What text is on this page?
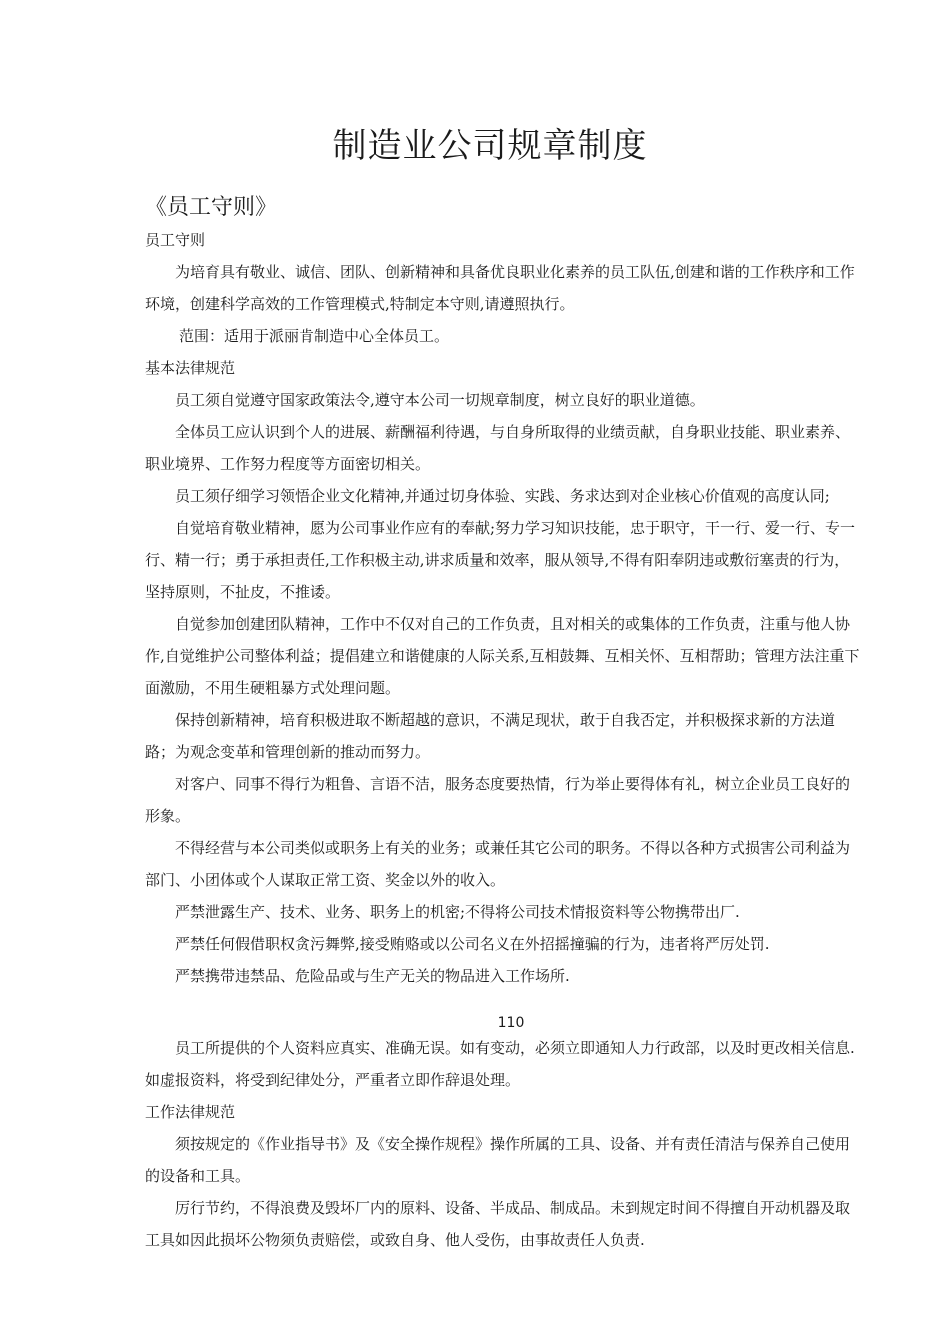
制造业公司规章制度

《员工守则》

员工守则

为培育具有敬业、诚信、团队、创新精神和具备优良职业化素养的员工队伍,创建和谐的工作秩序和工作环境，创建科学高效的工作管理模式,特制定本守则,请遵照执行。

范围：适用于派丽肯制造中心全体员工。

基本法律规范

员工须自觉遵守国家政策法令,遵守本公司一切规章制度，树立良好的职业道德。

全体员工应认识到个人的进展、薪酬福利待遇，与自身所取得的业绩贡献，自身职业技能、职业素养、职业境界、工作努力程度等方面密切相关。

员工须仔细学习领悟企业文化精神,并通过切身体验、实践、务求达到对企业核心价值观的高度认同;

自觉培育敬业精神，愿为公司事业作应有的奉献;努力学习知识技能，忠于职守，干一行、爱一行、专一行、精一行；勇于承担责任,工作积极主动,讲求质量和效率，服从领导,不得有阳奉阴违或敷衍塞责的行为，坚持原则，不扯皮，不推诿。

自觉参加创建团队精神，工作中不仅对自己的工作负责，且对相关的或集体的工作负责，注重与他人协作,自觉维护公司整体利益；提倡建立和谐健康的人际关系,互相鼓舞、互相关怀、互相帮助；管理方法注重下面激励，不用生硬粗暴方式处理问题。

保持创新精神，培育积极进取不断超越的意识，不满足现状，敢于自我否定，并积极探求新的方法道路；为观念变革和管理创新的推动而努力。

对客户、同事不得行为粗鲁、言语不洁，服务态度要热情，行为举止要得体有礼，树立企业员工良好的形象。

不得经营与本公司类似或职务上有关的业务；或兼任其它公司的职务。不得以各种方式损害公司利益为部门、小团体或个人谋取正常工资、奖金以外的收入。

严禁泄露生产、技术、业务、职务上的机密;不得将公司技术情报资料等公物携带出厂.

严禁任何假借职权贪污舞弊,接受贿赂或以公司名义在外招摇撞骗的行为，违者将严厉处罚.

严禁携带违禁品、危险品或与生产无关的物品进入工作场所.

110

员工所提供的个人资料应真实、准确无误。如有变动，必须立即通知人力行政部，以及时更改相关信息.如虚报资料，将受到纪律处分，严重者立即作辞退处理。

工作法律规范

须按规定的《作业指导书》及《安全操作规程》操作所属的工具、设备、并有责任清洁与保养自己使用的设备和工具。

厉行节约，不得浪费及毁坏厂内的原料、设备、半成品、制成品。未到规定时间不得擅自开动机器及取工具如因此损坏公物须负责赔偿，或致自身、他人受伤，由事故责任人负责.
